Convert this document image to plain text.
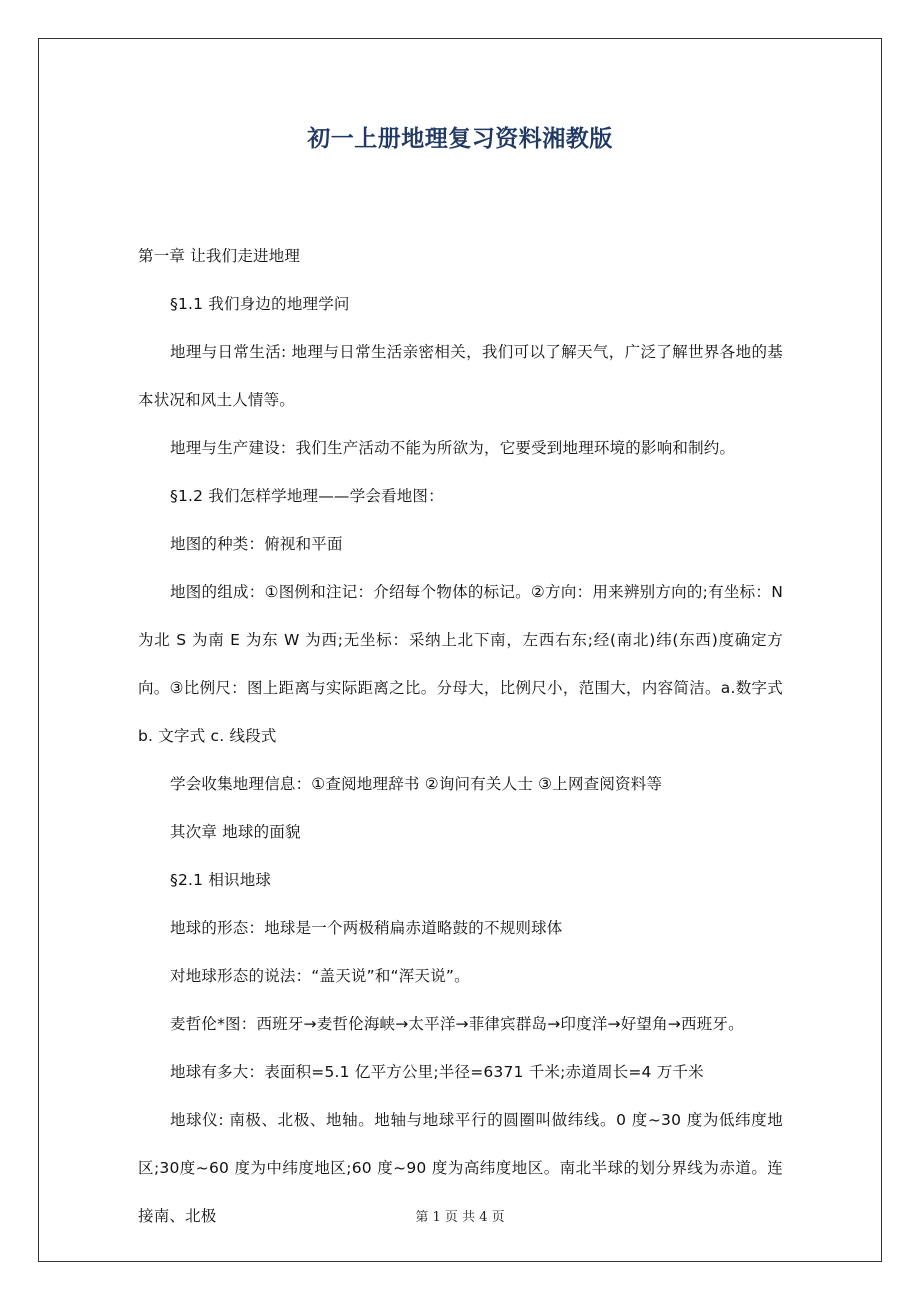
初一上册地理复习资料湘教版

第一章 让我们走进地理

§1.1 我们身边的地理学问

地理与日常生活: 地理与日常生活亲密相关，我们可以了解天气，广泛了解世界各地的基本状况和风土人情等。

地理与生产建设：我们生产活动不能为所欲为，它要受到地理环境的影响和制约。

§1.2 我们怎样学地理——学会看地图：

地图的种类：俯视和平面

地图的组成：①图例和注记：介绍每个物体的标记。②方向：用来辨别方向的;有坐标：N为北 S 为南 E 为东 W 为西;无坐标：采纳上北下南，左西右东;经(南北)纬(东西)度确定方向。③比例尺：图上距离与实际距离之比。分母大，比例尺小，范围大，内容简洁。a.数字式 b. 文字式 c. 线段式

学会收集地理信息：①查阅地理辞书 ②询问有关人士 ③上网查阅资料等

其次章 地球的面貌

§2.1 相识地球

地球的形态：地球是一个两极稍扁赤道略鼓的不规则球体

对地球形态的说法：“盖天说”和“浑天说”。

麦哲伦*图：西班牙→麦哲伦海峡→太平洋→菲律宾群岛→印度洋→好望角→西班牙。

地球有多大：表面积=5.1 亿平方公里;半径=6371 千米;赤道周长=4 万千米

地球仪: 南极、北极、地轴。地轴与地球平行的圆圈叫做纬线。0 度~30 度为低纬度地区;30度~60 度为中纬度地区;60 度~90 度为高纬度地区。南北半球的划分界线为赤道。连接南、北极	第 1 页 共 4 页
